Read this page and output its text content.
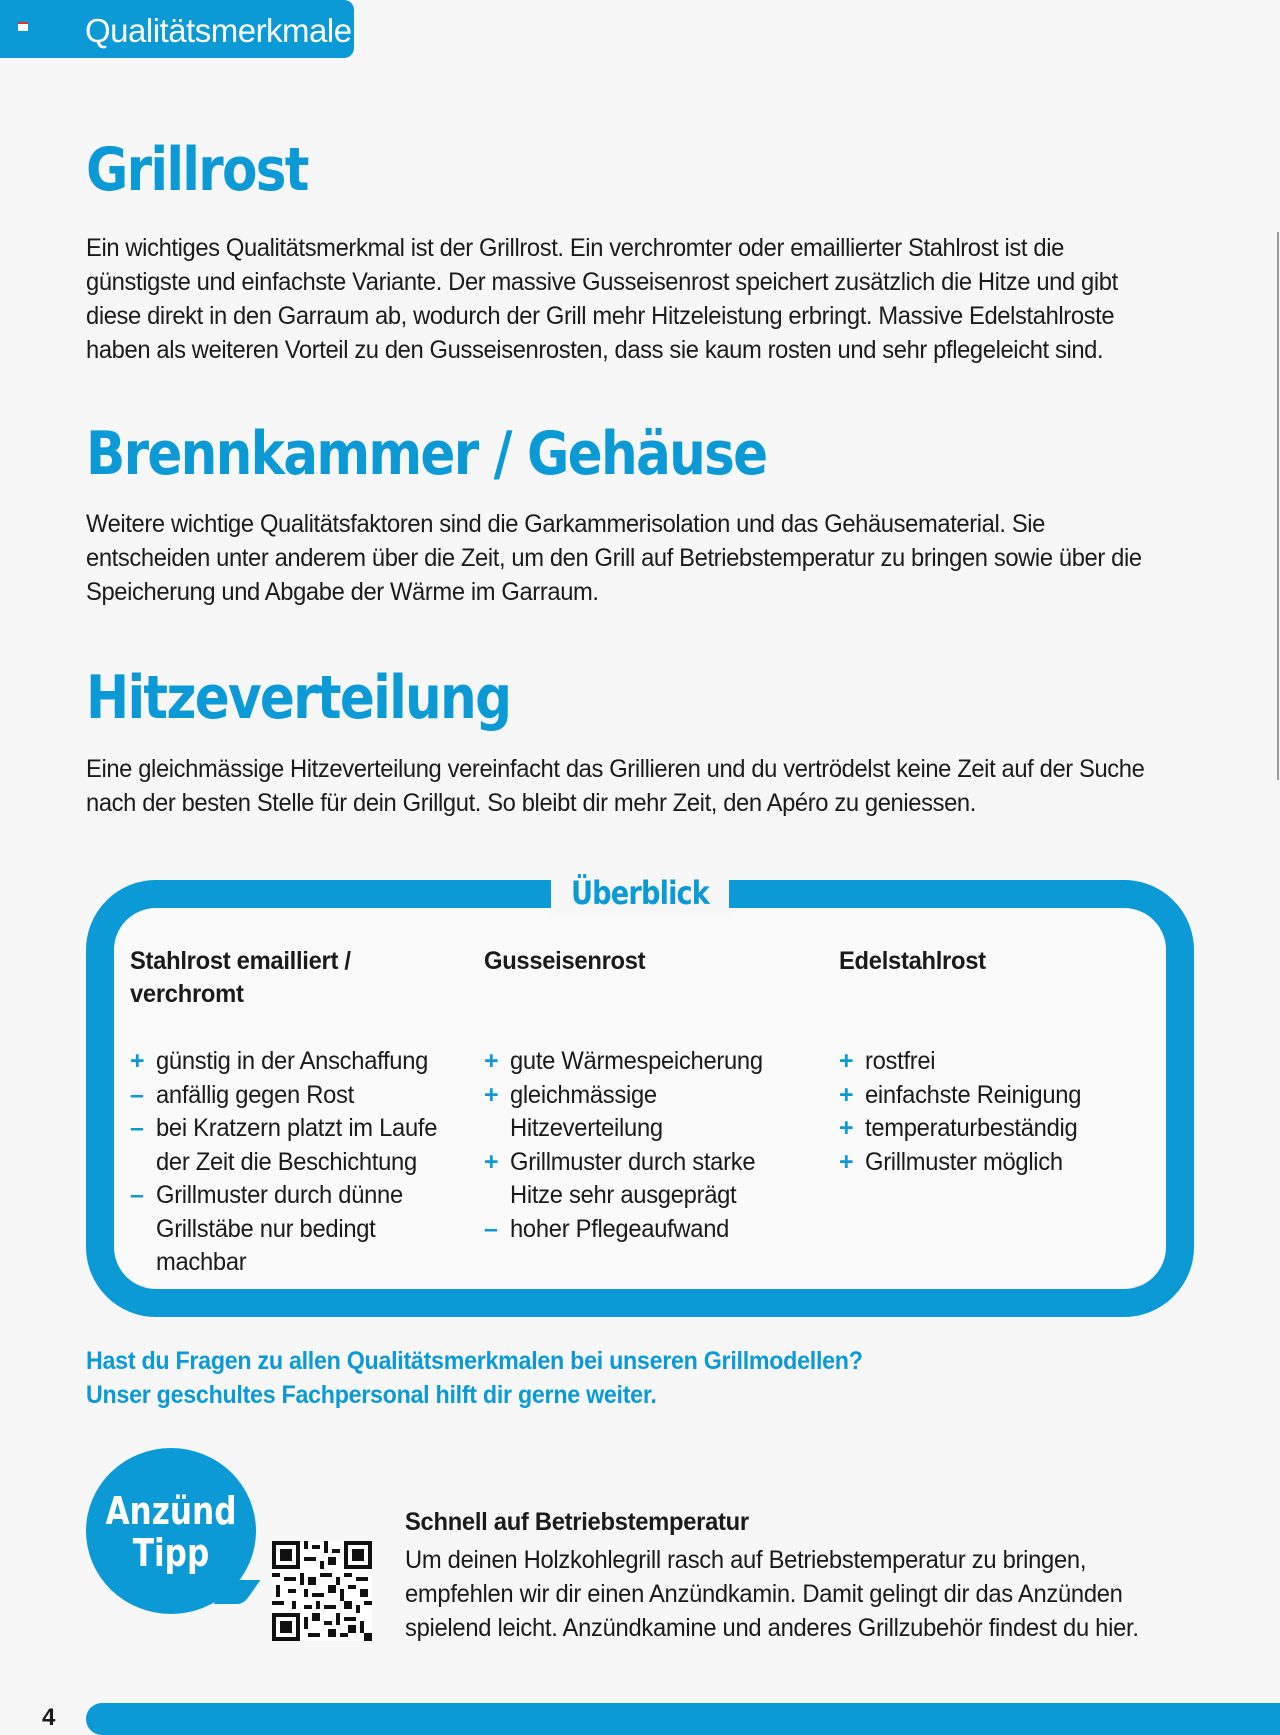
Qualitätsmerkmale
Grillrost

Ein wichtiges Qualitätsmerkmal ist der Grillrost. Ein verchromter oder emaillierter Stahlrost ist die günstigste und einfachste Variante. Der massive Gusseisenrost speichert zusätzlich die Hitze und gibt diese direkt in den Garraum ab, wodurch der Grill mehr Hitzeleistung erbringt. Massive Edelstahlroste haben als weiteren Vorteil zu den Gusseisenrosten, dass sie kaum rosten und sehr pflegeleicht sind.

Brennkammer / Gehäuse

Weitere wichtige Qualitätsfaktoren sind die Garkammerisolation und das Gehäusematerial. Sie entscheiden unter anderem über die Zeit, um den Grill auf Betriebstemperatur zu bringen sowie über die Speicherung und Abgabe der Wärme im Garraum.

Hitzeverteilung

Eine gleichmässige Hitzeverteilung vereinfacht das Grillieren und du vertrödelst keine Zeit auf der Suche nach der besten Stelle für dein Grillgut. So bleibt dir mehr Zeit, den Apéro zu geniessen.

Überblick
Stahlrost emailliert / verchromt
+ günstig in der Anschaffung
– anfällig gegen Rost
– bei Kratzern platzt im Laufe der Zeit die Beschichtung
– Grillmuster durch dünne Grillstäbe nur bedingt machbar
Gusseisenrost
+ gute Wärmespeicherung
+ gleichmässige Hitzeverteilung
+ Grillmuster durch starke Hitze sehr ausgeprägt
– hoher Pflegeaufwand
Edelstahlrost
+ rostfrei
+ einfachste Reinigung
+ temperaturbeständig
+ Grillmuster möglich

Hast du Fragen zu allen Qualitätsmerkmalen bei unseren Grillmodellen?
Unser geschultes Fachpersonal hilft dir gerne weiter.

Anzünd
Tipp
Schnell auf Betriebstemperatur

Um deinen Holzkohlegrill rasch auf Betriebstemperatur zu bringen, empfehlen wir dir einen Anzündkamin. Damit gelingt dir das Anzünden spielend leicht. Anzündkamine und anderes Grillzubehör findest du hier.

4
